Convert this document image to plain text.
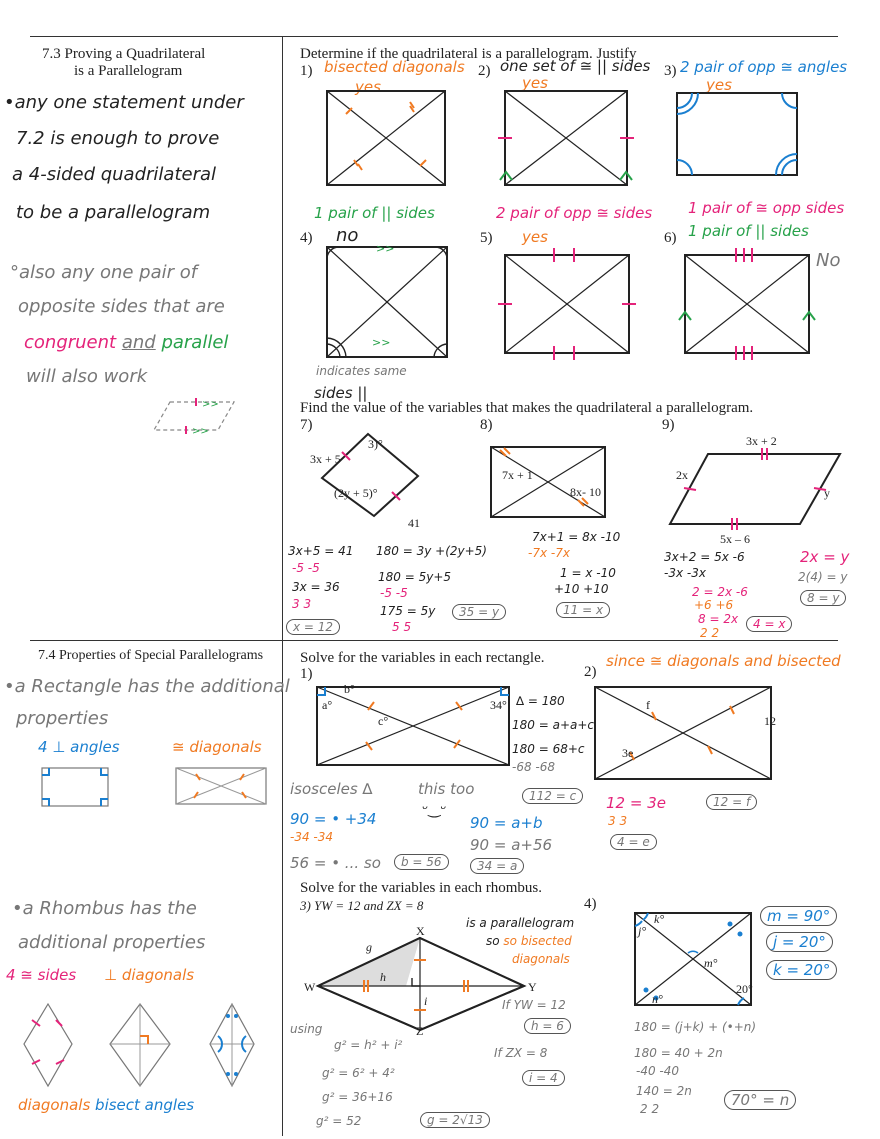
7.3 Proving a Quadrilateral
is a Parallelogram
•any one statement under
7.2 is enough to prove
a 4-sided quadrilateral
to be a parallelogram
°also any one pair of
opposite sides that are
congruent and parallel
will also work
>>
>>
Determine if the quadrilateral is a parallelogram. Justify
1) bisected diagonals
yes
2) one set of ≅ || sides
yes
3) 2 pair of opp ≅ angles
yes
1 pair of || sides
4) no
>>
>>
indicates same
sides ||
2 pair of opp ≅ sides
5) yes
1 pair of ≅ opp sides
6) 1 pair of || sides
No
Find the value of the variables that makes the quadrilateral a parallelogram.
7)	8)	9)
3x + 5
3)°
(2y + 5)°
41
7x + 1
8x- 10
3x + 2
2x
y
5x – 6
3x+5 = 41
-5 -5
3x = 36
3 3
x = 12
180 = 3y +(2y+5)
180 = 5y+5
-5 -5
175 = 5y
5 5
35 = y
7x+1 = 8x -10
-7x -7x
1 = x -10
+10 +10
11 = x
3x+2 = 5x -6
-3x -3x
2 = 2x -6
+6 +6
8 = 2x
2 2
4 = x
2x = y
2(4) = y
8 = y
7.4 Properties of Special Parallelograms
•a Rectangle has the additional
properties
4 ⊥ angles	≅ diagonals
•a Rhombus has the
additional properties
4 ≅ sides ⊥ diagonals
diagonals bisect angles
Solve for the variables in each rectangle.
1)
b°
a°
c°
34° ∆ = 180
180 = a+a+c
180 = 68+c
-68 -68
112 = c
isosceles ∆	this too
ᵕ‿ᵕ
90 = • +34
-34 -34
56 = • ... so	b = 56
90 = a+b
90 = a+56
34 = a
2)
since ≅ diagonals and bisected
f
12
3e
12 = 3e
3 3
4 = e
12 = f
Solve for the variables in each rhombus.
3) YW = 12 and ZX = 8
X
Y
Z
W
g
h
i
is a parallelogram
so so bisected
diagonals
If YW = 12
h = 6
If ZX = 8
i = 4
using
g² = h² + i²
g² = 6² + 4²
g² = 36+16
g² = 52	g = 2√13
4)
k°
j°
m°
n°
20°
m = 90°
j = 20°
k = 20°
180 = (j+k) + (•+n)
180 = 40 + 2n
-40 -40
140 = 2n
2 2	70° = n
